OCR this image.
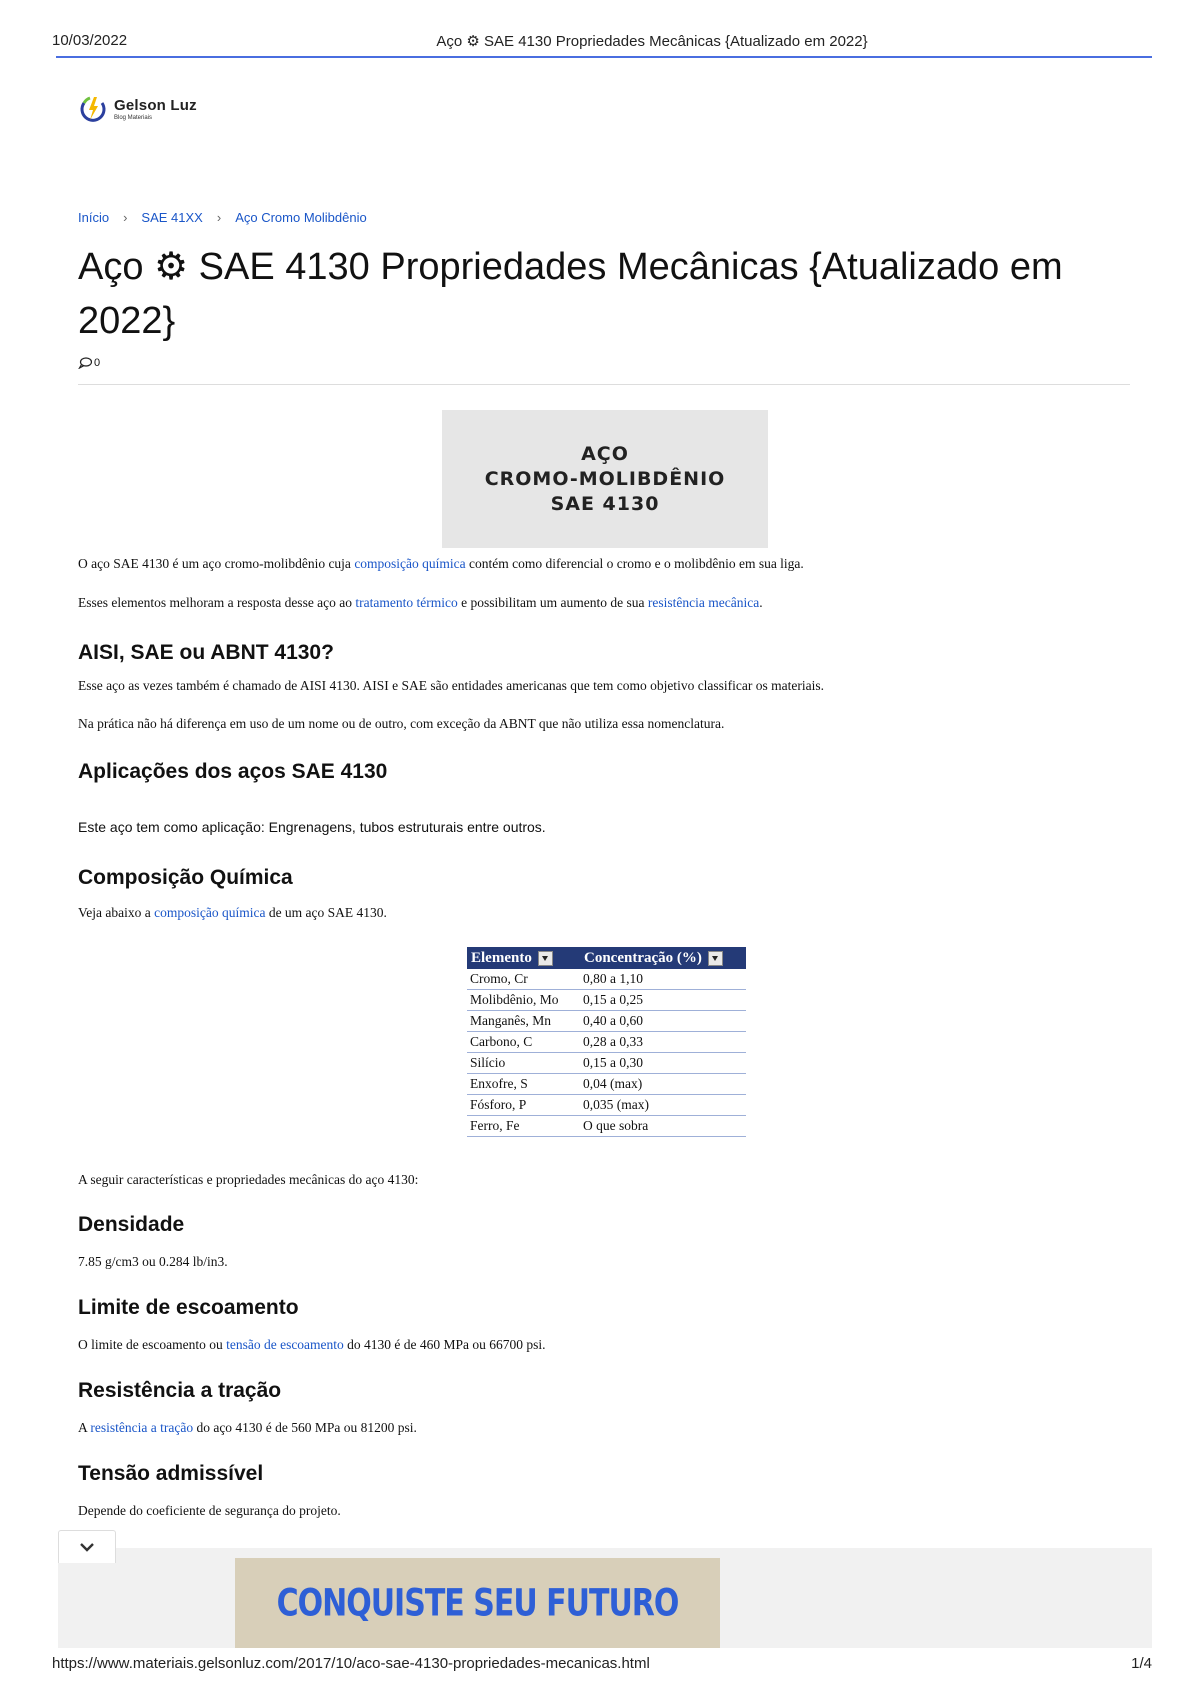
10/03/2022	Aço ⚙ SAE 4130 Propriedades Mecânicas {Atualizado em 2022}
Gelson Luz
Blog Materiais
Início › SAE 41XX › Aço Cromo Molibdênio
Aço ⚙ SAE 4130 Propriedades Mecânicas {Atualizado em 2022}
0
AÇO
CROMO-MOLIBDÊNIO
SAE 4130
O aço SAE 4130 é um aço cromo-molibdênio cuja composição química contém como diferencial o cromo e o molibdênio em sua liga.
Esses elementos melhoram a resposta desse aço ao tratamento térmico e possibilitam um aumento de sua resistência mecânica.
AISI, SAE ou ABNT 4130?
Esse aço as vezes também é chamado de AISI 4130. AISI e SAE são entidades americanas que tem como objetivo classificar os materiais.
Na prática não há diferença em uso de um nome ou de outro, com exceção da ABNT que não utiliza essa nomenclatura.
Aplicações dos aços SAE 4130
Este aço tem como aplicação: Engrenagens, tubos estruturais entre outros.
Composição Química
Veja abaixo a composição química de um aço SAE 4130.
Elemento	Concentração (%)
Cromo, Cr	0,80 a 1,10
Molibdênio, Mo	0,15 a 0,25
Manganês, Mn	0,40 a 0,60
Carbono, C	0,28 a 0,33
Silício	0,15 a 0,30
Enxofre, S	0,04 (max)
Fósforo, P	0,035 (max)
Ferro, Fe	O que sobra
A seguir características e propriedades mecânicas do aço 4130:
Densidade
7.85 g/cm3 ou 0.284 lb/in3.
Limite de escoamento
O limite de escoamento ou tensão de escoamento do 4130 é de 460 MPa ou 66700 psi.
Resistência a tração
A resistência a tração do aço 4130 é de 560 MPa ou 81200 psi.
Tensão admissível
Depende do coeficiente de segurança do projeto.
CONQUISTE SEU FUTURO
https://www.materiais.gelsonluz.com/2017/10/aco-sae-4130-propriedades-mecanicas.html	1/4
